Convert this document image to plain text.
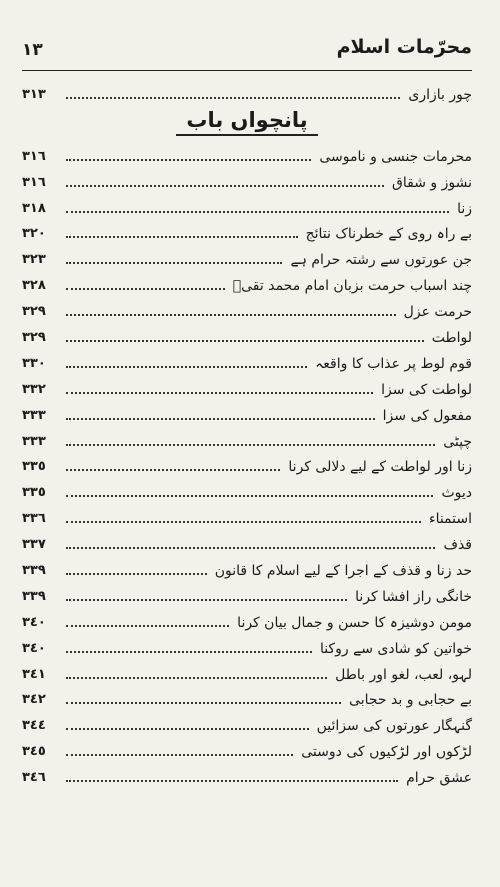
١٣	محرّمات اسلام
چور بازاری
٣١٣
پانچواں باب
محرمات جنسی و ناموسی
٣١٦
نشوز و شقاق
٣١٦
زنا
٣١٨
بے راہ روی کے خطرناک نتائج
٣٢٠
جن عورتوں سے رشتہ حرام ہے
٣٢٣
چند اسباب حرمت بزبان امام محمد تقیؑ
٣٢٨
حرمت عزل
٣٢٩
لواطت
٣٢٩
قوم لوط پر عذاب کا واقعہ
٣٣٠
لواطت کی سزا
٣٣٢
مفعول کی سزا
٣٣٣
چپٹی
٣٣٣
زنا اور لواطت کے لیے دلالی کرنا
٣٣٥
دیوث
٣٣٥
استمناء
٣٣٦
قذف
٣٣٧
حد زنا و قذف کے اجرا کے لیے اسلام کا قانون
٣٣٩
خانگی راز افشا کرنا
٣٣٩
مومن دوشیزہ کا حسن و جمال بیان کرنا
٣٤٠
خواتین کو شادی سے روکنا
٣٤٠
لہو، لعب، لغو اور باطل
٣٤١
بے حجابی و بد حجابی
٣٤٢
گنہگار عورتوں کی سزائیں
٣٤٤
لڑکوں اور لڑکیوں کی دوستی
٣٤٥
عشق حرام
٣٤٦
